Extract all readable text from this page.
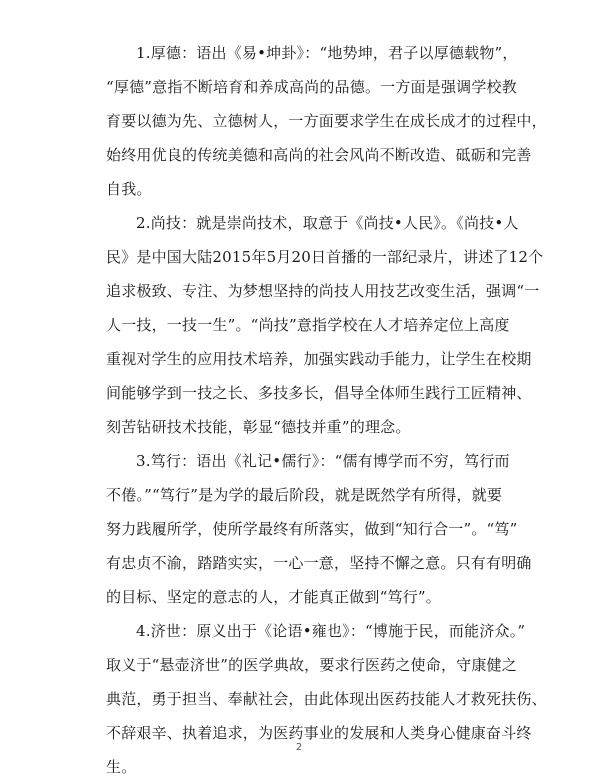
1.厚德：语出《易•坤卦》：“地势坤，君子以厚德载物”，
“厚德”意指不断培育和养成高尚的品德。一方面是强调学校教
育要以德为先、立德树人，一方面要求学生在成长成才的过程中，
始终用优良的传统美德和高尚的社会风尚不断改造、砥砺和完善
自我。
2.尚技：就是崇尚技术，取意于《尚技•人民》。《尚技•人
民》是中国大陆2015年5月20日首播的一部纪录片，讲述了12个
追求极致、专注、为梦想坚持的尚技人用技艺改变生活，强调“一
人一技，一技一生”。“尚技”意指学校在人才培养定位上高度
重视对学生的应用技术培养，加强实践动手能力，让学生在校期
间能够学到一技之长、多技多长，倡导全体师生践行工匠精神、
刻苦钻研技术技能，彰显“德技并重”的理念。
3.笃行：语出《礼记•儒行》：“儒有博学而不穷，笃行而
不倦。”“笃行”是为学的最后阶段，就是既然学有所得，就要
努力践履所学，使所学最终有所落实，做到“知行合一”。“笃”
有忠贞不渝，踏踏实实，一心一意，坚持不懈之意。只有有明确
的目标、坚定的意志的人，才能真正做到“笃行”。
4.济世：原义出于《论语•雍也》：“博施于民，而能济众。”
取义于“悬壶济世”的医学典故，要求行医药之使命，守康健之
典范，勇于担当、奉献社会，由此体现出医药技能人才救死扶伤、
不辞艰辛、执着追求，为医药事业的发展和人类身心健康奋斗终
生。
2
